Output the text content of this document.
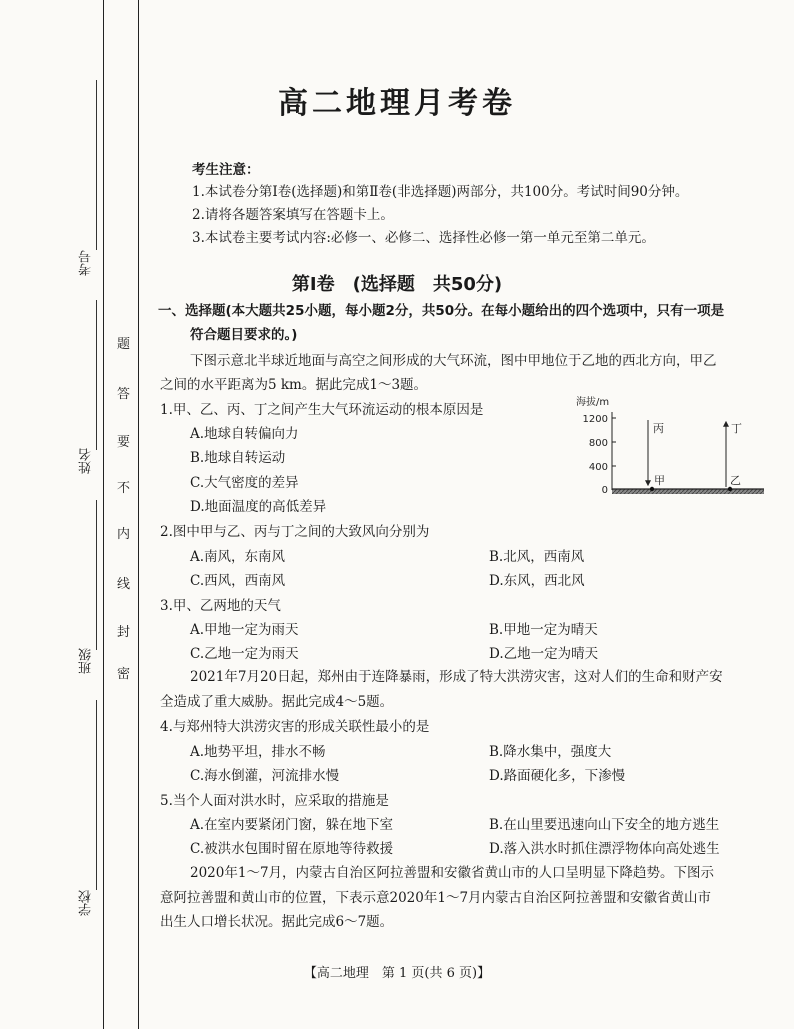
考号
姓名
班级
学校
题
答
要
不
内
线
封
密
高二地理月考卷
考生注意：
1.本试卷分第Ⅰ卷(选择题)和第Ⅱ卷(非选择题)两部分，共100分。考试时间90分钟。
2.请将各题答案填写在答题卡上。
3.本试卷主要考试内容:必修一、必修二、选择性必修一第一单元至第二单元。
第Ⅰ卷　(选择题　共50分)
一、选择题(本大题共25小题，每小题2分，共50分。在每小题给出的四个选项中，只有一项是
符合题目要求的。)
下图示意北半球近地面与高空之间形成的大气环流，图中甲地位于乙地的西北方向，甲乙
之间的水平距离为5 km。据此完成1～3题。
1.甲、乙、丙、丁之间产生大气环流运动的根本原因是
A.地球自转偏向力
B.地球自转运动
C.大气密度的差异
D.地面温度的高低差异
海拔/m
1200
800
400
0
丙	丁
甲	乙
2.图中甲与乙、丙与丁之间的大致风向分别为
A.南风，东南风	B.北风，西南风
C.西风，西南风	D.东风，西北风
3.甲、乙两地的天气
A.甲地一定为雨天	B.甲地一定为晴天
C.乙地一定为雨天	D.乙地一定为晴天
2021年7月20日起，郑州由于连降暴雨，形成了特大洪涝灾害，这对人们的生命和财产安
全造成了重大威胁。据此完成4～5题。
4.与郑州特大洪涝灾害的形成关联性最小的是
A.地势平坦，排水不畅	B.降水集中，强度大
C.海水倒灌，河流排水慢	D.路面硬化多，下渗慢
5.当个人面对洪水时，应采取的措施是
A.在室内要紧闭门窗，躲在地下室	B.在山里要迅速向山下安全的地方逃生
C.被洪水包围时留在原地等待救援	D.落入洪水时抓住漂浮物体向高处逃生
2020年1～7月，内蒙古自治区阿拉善盟和安徽省黄山市的人口呈明显下降趋势。下图示
意阿拉善盟和黄山市的位置，下表示意2020年1～7月内蒙古自治区阿拉善盟和安徽省黄山市
出生人口增长状况。据此完成6～7题。
【高二地理　第 1 页(共 6 页)】
